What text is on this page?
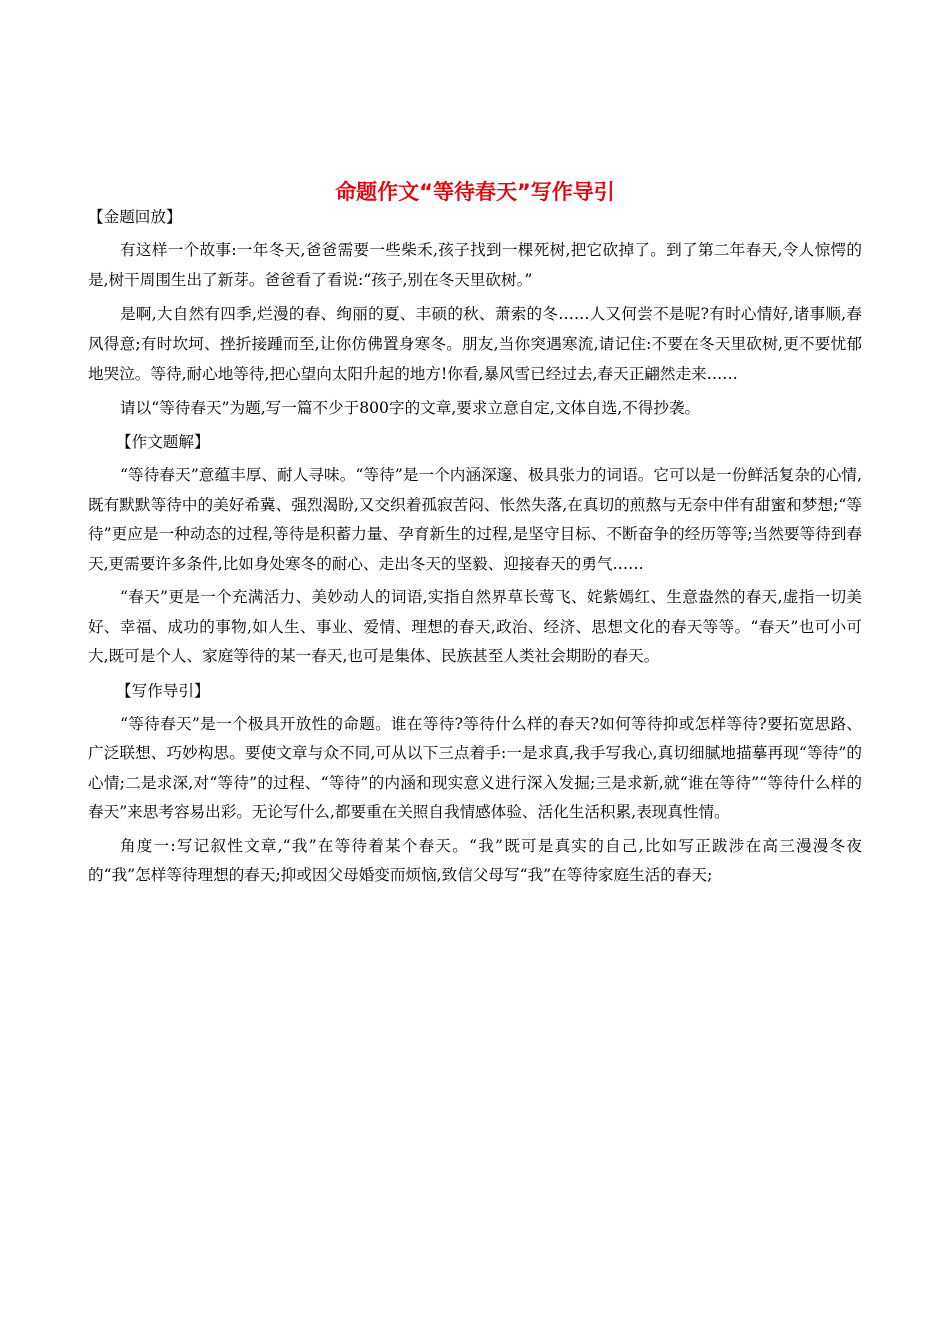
命题作文“等待春天”写作导引
【金题回放】

有这样一个故事:一年冬天,爸爸需要一些柴禾,孩子找到一棵死树,把它砍掉了。到了第二年春天,令人惊愕的是,树干周围生出了新芽。爸爸看了看说:“孩子,别在冬天里砍树。”

是啊,大自然有四季,烂漫的春、绚丽的夏、丰硕的秋、萧索的冬……人又何尝不是呢?有时心情好,诸事顺,春风得意;有时坎坷、挫折接踵而至,让你仿佛置身寒冬。朋友,当你突遇寒流,请记住:不要在冬天里砍树,更不要忧郁地哭泣。等待,耐心地等待,把心望向太阳升起的地方!你看,暴风雪已经过去,春天正翩然走来……

请以“等待春天”为题,写一篇不少于800字的文章,要求立意自定,文体自选,不得抄袭。

【作文题解】

“等待春天”意蕴丰厚、耐人寻味。“等待”是一个内涵深邃、极具张力的词语。它可以是一份鲜活复杂的心情,既有默默等待中的美好希冀、强烈渴盼,又交织着孤寂苦闷、怅然失落,在真切的煎熬与无奈中伴有甜蜜和梦想;“等待”更应是一种动态的过程,等待是积蓄力量、孕育新生的过程,是坚守目标、不断奋争的经历等等;当然要等待到春天,更需要许多条件,比如身处寒冬的耐心、走出冬天的坚毅、迎接春天的勇气……

“春天”更是一个充满活力、美妙动人的词语,实指自然界草长莺飞、姹紫嫣红、生意盎然的春天,虚指一切美好、幸福、成功的事物,如人生、事业、爱情、理想的春天,政治、经济、思想文化的春天等等。“春天”也可小可大,既可是个人、家庭等待的某一春天,也可是集体、民族甚至人类社会期盼的春天。

【写作导引】

“等待春天”是一个极具开放性的命题。谁在等待?等待什么样的春天?如何等待抑或怎样等待?要拓宽思路、广泛联想、巧妙构思。要使文章与众不同,可从以下三点着手:一是求真,我手写我心,真切细腻地描摹再现“等待”的心情;二是求深,对“等待”的过程、“等待”的内涵和现实意义进行深入发掘;三是求新,就“谁在等待”“等待什么样的春天”来思考容易出彩。无论写什么,都要重在关照自我情感体验、活化生活积累,表现真性情。

角度一:写记叙性文章,“我”在等待着某个春天。“我”既可是真实的自己,比如写正跋涉在高三漫漫冬夜的“我”怎样等待理想的春天;抑或因父母婚变而烦恼,致信父母写“我”在等待家庭生活的春天;
